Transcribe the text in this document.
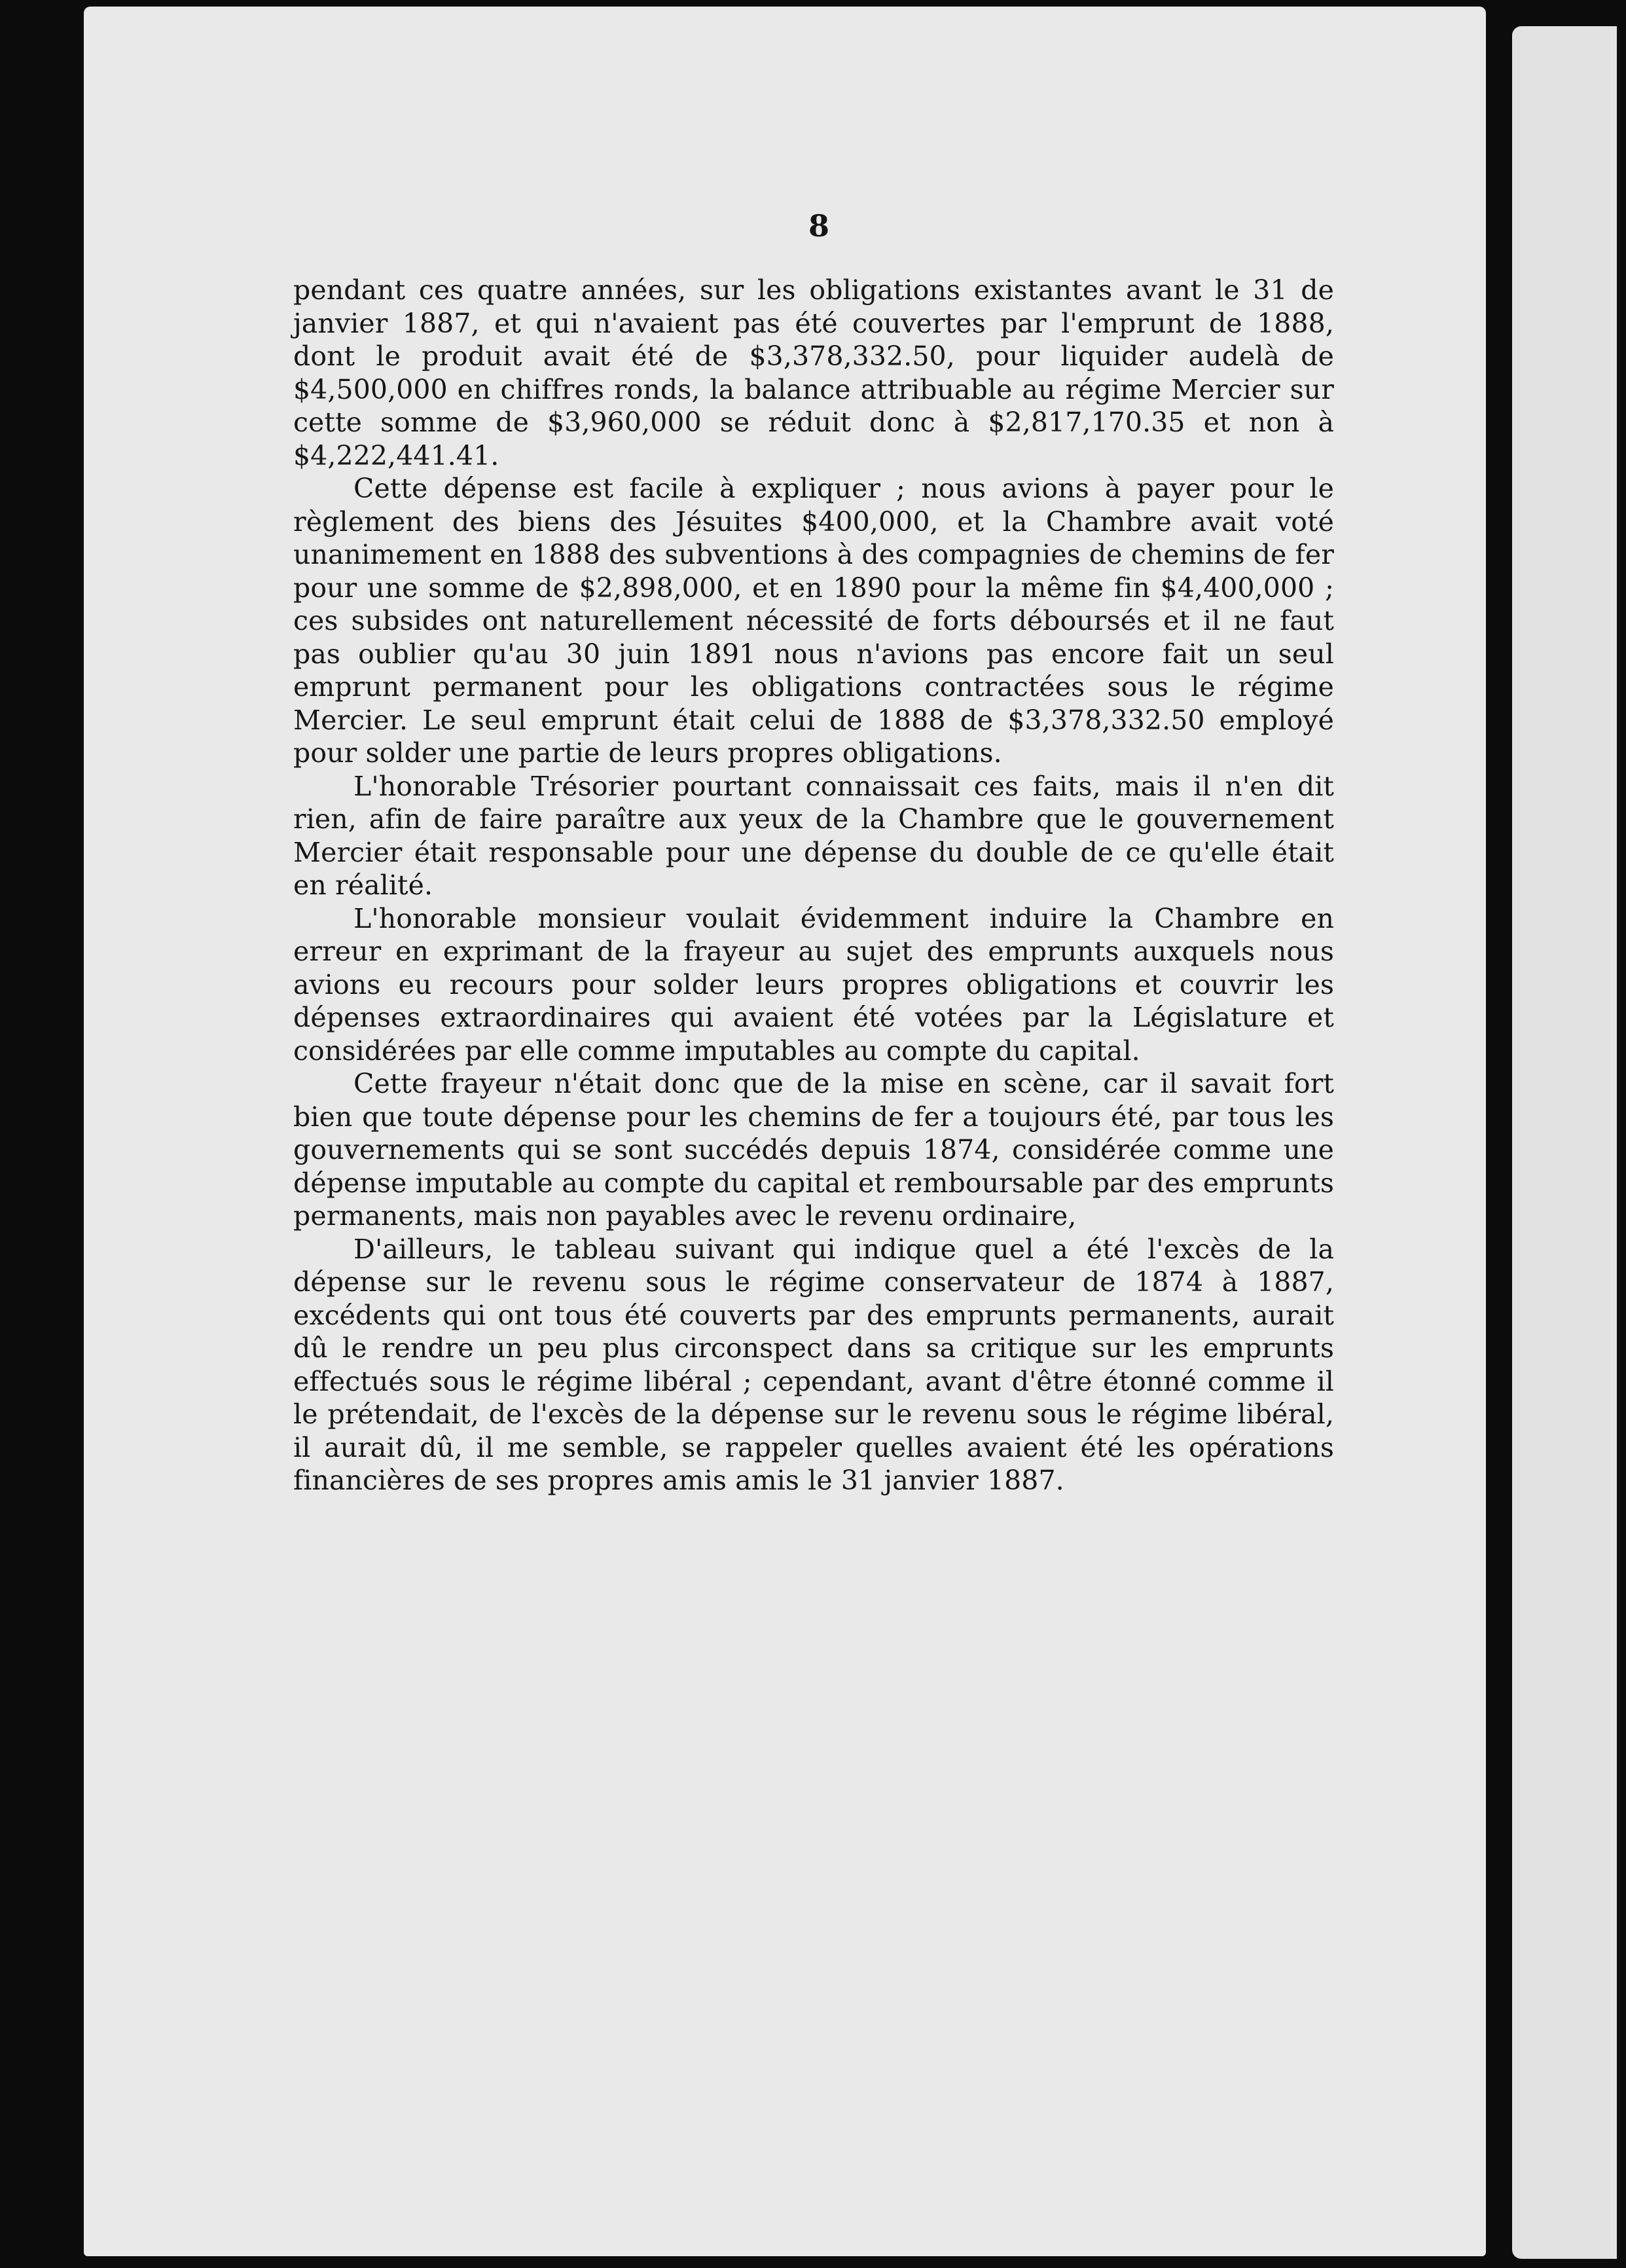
8

pendant ces quatre années, sur les obligations existantes avant le 31 de janvier 1887, et qui n'avaient pas été couvertes par l'emprunt de 1888, dont le produit avait été de $3,378,332.50, pour liquider audelà de $4,500,000 en chiffres ronds, la balance attribuable au régime Mercier sur cette somme de $3,960,000 se réduit donc à $2,817,170.35 et non à $4,222,441.41.

Cette dépense est facile à expliquer ; nous avions à payer pour le règlement des biens des Jésuites $400,000, et la Chambre avait voté unanimement en 1888 des subventions à des compagnies de chemins de fer pour une somme de $2,898,000, et en 1890 pour la même fin $4,400,000 ; ces subsides ont naturellement nécessité de forts déboursés et il ne faut pas oublier qu'au 30 juin 1891 nous n'avions pas encore fait un seul emprunt permanent pour les obligations contractées sous le régime Mercier. Le seul emprunt était celui de 1888 de $3,378,332.50 employé pour solder une partie de leurs propres obligations.

L'honorable Trésorier pourtant connaissait ces faits, mais il n'en dit rien, afin de faire paraître aux yeux de la Chambre que le gouvernement Mercier était responsable pour une dépense du double de ce qu'elle était en réalité.

L'honorable monsieur voulait évidemment induire la Chambre en erreur en exprimant de la frayeur au sujet des emprunts auxquels nous avions eu recours pour solder leurs propres obligations et couvrir les dépenses extraordinaires qui avaient été votées par la Législature et considérées par elle comme imputables au compte du capital.

Cette frayeur n'était donc que de la mise en scène, car il savait fort bien que toute dépense pour les chemins de fer a toujours été, par tous les gouvernements qui se sont succédés depuis 1874, considérée comme une dépense imputable au compte du capital et remboursable par des emprunts permanents, mais non payables avec le revenu ordinaire,

D'ailleurs, le tableau suivant qui indique quel a été l'excès de la dépense sur le revenu sous le régime conservateur de 1874 à 1887, excédents qui ont tous été couverts par des emprunts permanents, aurait dû le rendre un peu plus circonspect dans sa critique sur les emprunts effectués sous le régime libéral ; cependant, avant d'être étonné comme il le prétendait, de l'excès de la dépense sur le revenu sous le régime libéral, il aurait dû, il me semble, se rappeler quelles avaient été les opérations financières de ses propres amis amis le 31 janvier 1887.
